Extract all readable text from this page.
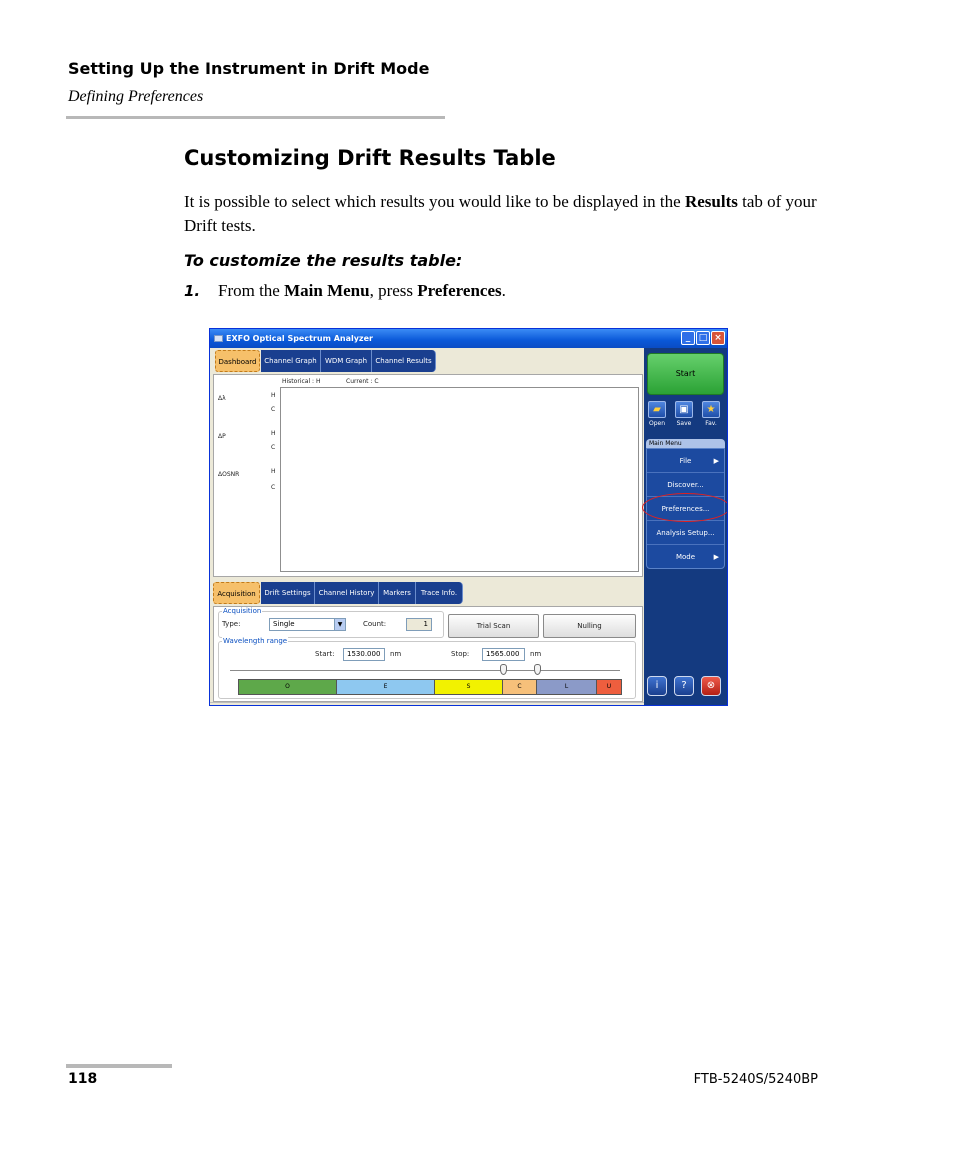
Setting Up the Instrument in Drift Mode
Defining Preferences
Customizing Drift Results Table
It is possible to select which results you would like to be displayed in the Results tab of your Drift tests.
To customize the results table:
1. From the Main Menu, press Preferences.
EXFO Optical Spectrum Analyzer	_ □ ×
Dashboard	Channel Graph	WDM Graph	Channel Results
Historical : H	Current : C
Δλ	H
C
ΔP	H
C
ΔOSNR	H
C
Acquisition	Drift Settings	Channel History	Markers	Trace Info.
Acquisition
Type:	Single	▼	Count:	1	Trial Scan	Nulling
Wavelength range
Start:	1530.000	nm	Stop:	1565.000	nm
O	E	S	C	L	U
Start
▰
Open
▣
Save
★
Fav.
Main Menu
File	▶
Discover...
Preferences...
Analysis Setup...
Mode	▶
i	?	⊗
118	FTB-5240S/5240BP
